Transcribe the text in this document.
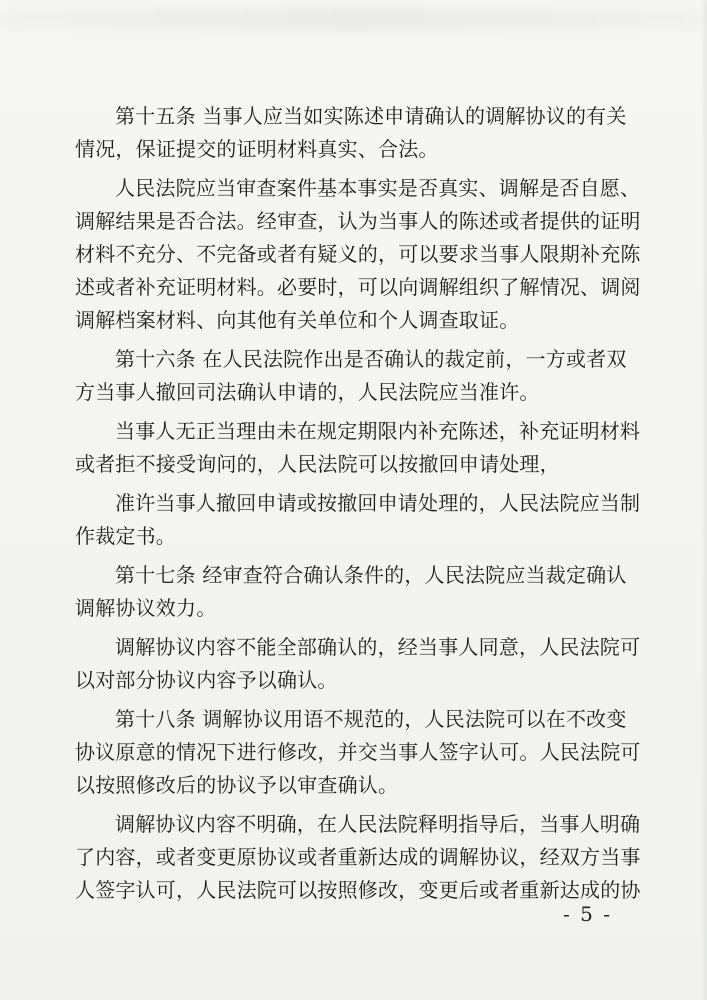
第十五条 当事人应当如实陈述申请确认的调解协议的有关
情况，保证提交的证明材料真实、合法。

人民法院应当审查案件基本事实是否真实、调解是否自愿、
调解结果是否合法。经审查，认为当事人的陈述或者提供的证明
材料不充分、不完备或者有疑义的，可以要求当事人限期补充陈
述或者补充证明材料。必要时，可以向调解组织了解情况、调阅
调解档案材料、向其他有关单位和个人调查取证。

第十六条 在人民法院作出是否确认的裁定前，一方或者双
方当事人撤回司法确认申请的，人民法院应当准许。

当事人无正当理由未在规定期限内补充陈述，补充证明材料
或者拒不接受询问的，人民法院可以按撤回申请处理，

准许当事人撤回申请或按撤回申请处理的，人民法院应当制
作裁定书。

第十七条 经审查符合确认条件的，人民法院应当裁定确认
调解协议效力。

调解协议内容不能全部确认的，经当事人同意，人民法院可
以对部分协议内容予以确认。

第十八条 调解协议用语不规范的，人民法院可以在不改变
协议原意的情况下进行修改，并交当事人签字认可。人民法院可
以按照修改后的协议予以审查确认。

调解协议内容不明确，在人民法院释明指导后，当事人明确
了内容，或者变更原协议或者重新达成的调解协议，经双方当事
人签字认可，人民法院可以按照修改，变更后或者重新达成的协

- 5 -
